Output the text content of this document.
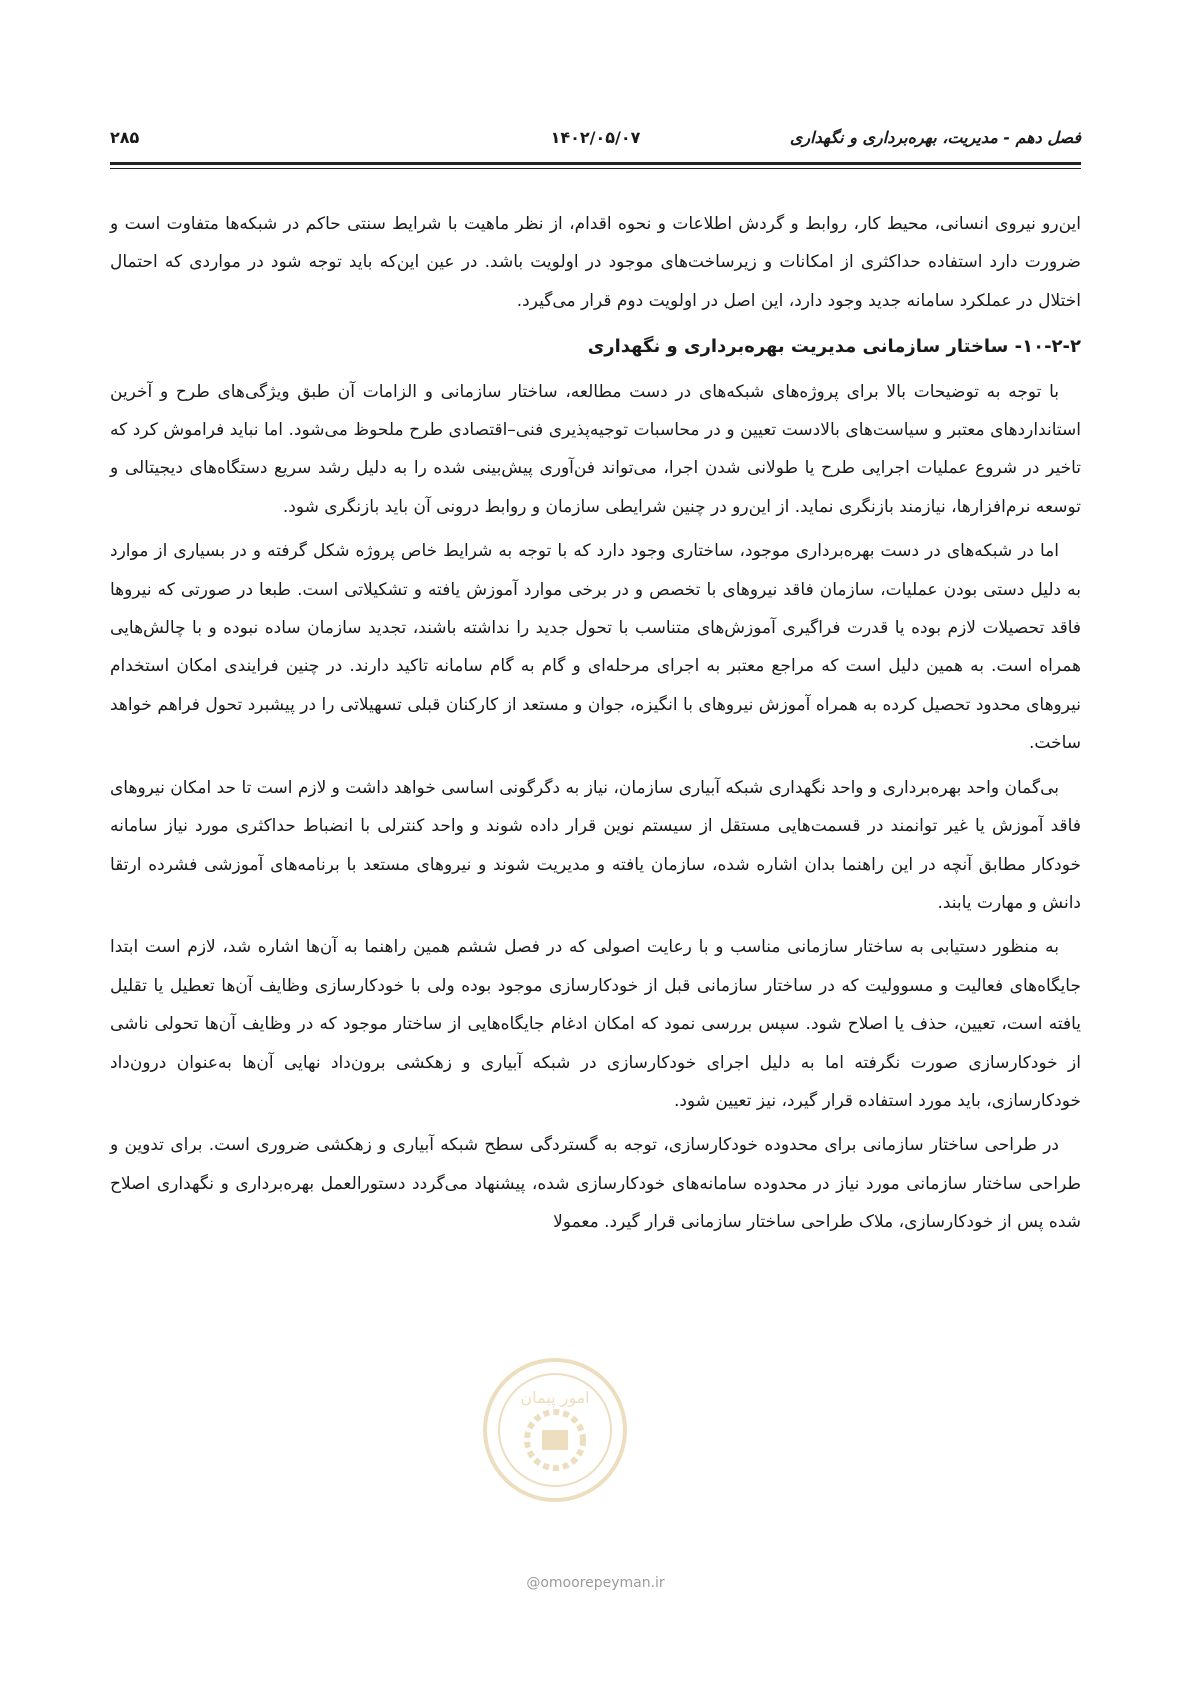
فصل دهم - مدیریت، بهره‌برداری و نگهداری
۱۴۰۲/۰۵/۰۷
۲۸۵

این‌رو نیروی انسانی، محیط کار، روابط و گردش اطلاعات و نحوه اقدام، از نظر ماهیت با شرایط سنتی حاکم در شبکه‌ها متفاوت است و ضرورت دارد استفاده حداکثری از امکانات و زیرساخت‌های موجود در اولویت باشد. در عین این‌که باید توجه شود در مواردی که احتمال اختلال در عملکرد سامانه جدید وجود دارد، این اصل در اولویت دوم قرار می‌گیرد.

۱۰-۲-۲- ساختار سازمانی مدیریت بهره‌برداری و نگهداری

با توجه به توضیحات بالا برای پروژه‌های شبکه‌های در دست مطالعه، ساختار سازمانی و الزامات آن طبق ویژگی‌های طرح و آخرین استانداردهای معتبر و سیاست‌های بالادست تعیین و در محاسبات توجیه‌پذیری فنی–اقتصادی طرح ملحوظ می‌شود. اما نباید فراموش کرد که تاخیر در شروع عملیات اجرایی طرح یا طولانی شدن اجرا، می‌تواند فن‌آوری پیش‌بینی شده را به دلیل رشد سریع دستگاه‌های دیجیتالی و توسعه نرم‌افزارها، نیازمند بازنگری نماید. از این‌رو در چنین شرایطی سازمان و روابط درونی آن باید بازنگری شود.

اما در شبکه‌های در دست بهره‌برداری موجود، ساختاری وجود دارد که با توجه به شرایط خاص پروژه شکل گرفته و در بسیاری از موارد به دلیل دستی بودن عملیات، سازمان فاقد نیروهای با تخصص و در برخی موارد آموزش یافته و تشکیلاتی است. طبعا در صورتی که نیروها فاقد تحصیلات لازم بوده یا قدرت فراگیری آموزش‌های متناسب با تحول جدید را نداشته باشند، تجدید سازمان ساده نبوده و با چالش‌هایی همراه است. به همین دلیل است که مراجع معتبر به اجرای مرحله‌ای و گام به گام سامانه تاکید دارند. در چنین فرایندی امکان استخدام نیروهای محدود تحصیل کرده به همراه آموزش نیروهای با انگیزه، جوان و مستعد از کارکنان قبلی تسهیلاتی را در پیشبرد تحول فراهم خواهد ساخت.

بی‌گمان واحد بهره‌برداری و واحد نگهداری شبکه آبیاری سازمان، نیاز به دگرگونی اساسی خواهد داشت و لازم است تا حد امکان نیروهای فاقد آموزش یا غیر توانمند در قسمت‌هایی مستقل از سیستم نوین قرار داده شوند و واحد کنترلی با انضباط حداکثری مورد نیاز سامانه خودکار مطابق آنچه در این راهنما بدان اشاره شده، سازمان یافته و مدیریت شوند و نیروهای مستعد با برنامه‌های آموزشی فشرده ارتقا دانش و مهارت یابند.

به منظور دستیابی به ساختار سازمانی مناسب و با رعایت اصولی که در فصل ششم همین راهنما به آن‌ها اشاره شد، لازم است ابتدا جایگاه‌های فعالیت و مسوولیت که در ساختار سازمانی قبل از خودکارسازی موجود بوده ولی با خودکارسازی وظایف آن‌ها تعطیل یا تقلیل یافته است، تعیین، حذف یا اصلاح شود. سپس بررسی نمود که امکان ادغام جایگاه‌هایی از ساختار موجود که در وظایف آن‌ها تحولی ناشی از خودکارسازی صورت نگرفته اما به دلیل اجرای خودکارسازی در شبکه آبیاری و زهکشی برون‌داد نهایی آن‌ها به‌عنوان درون‌داد خودکارسازی، باید مورد استفاده قرار گیرد، نیز تعیین شود.

در طراحی ساختار سازمانی برای محدوده خودکارسازی، توجه به گستردگی سطح شبکه آبیاری و زهکشی ضروری است. برای تدوین و طراحی ساختار سازمانی مورد نیاز در محدوده سامانه‌های خودکارسازی شده، پیشنهاد می‌گردد دستورالعمل بهره‌برداری و نگهداری اصلاح شده پس از خودکارسازی، ملاک طراحی ساختار سازمانی قرار گیرد. معمولا

امور پیمان
@omoorepeyman.ir
